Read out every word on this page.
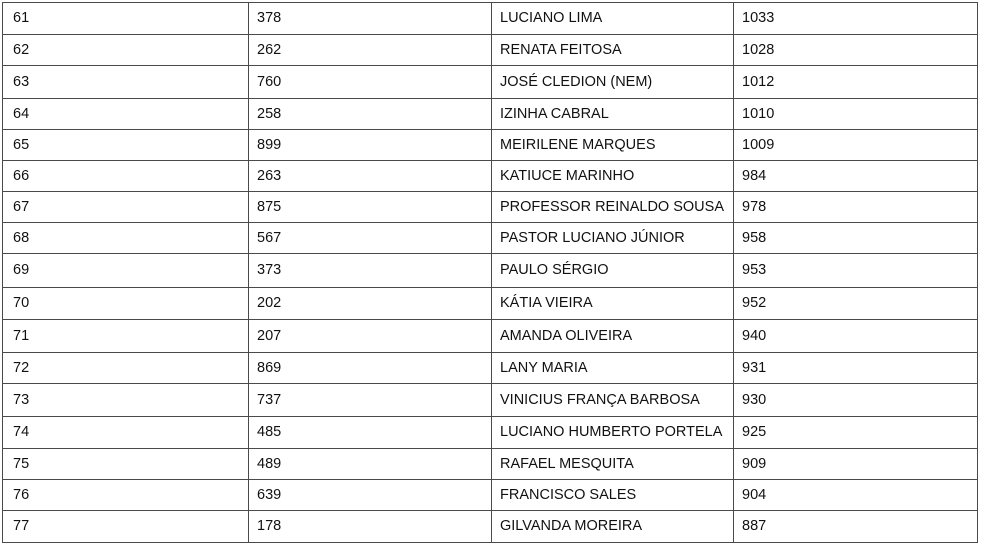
61	378	LUCIANO LIMA	1033
62	262	RENATA FEITOSA	1028
63	760	JOSÉ CLEDION (NEM)	1012
64	258	IZINHA CABRAL	1010
65	899	MEIRILENE MARQUES	1009
66	263	KATIUCE MARINHO	984
67	875	PROFESSOR REINALDO SOUSA	978
68	567	PASTOR LUCIANO JÚNIOR	958
69	373	PAULO SÉRGIO	953
70	202	KÁTIA VIEIRA	952
71	207	AMANDA OLIVEIRA	940
72	869	LANY MARIA	931
73	737	VINICIUS FRANÇA BARBOSA	930
74	485	LUCIANO HUMBERTO PORTELA	925
75	489	RAFAEL MESQUITA	909
76	639	FRANCISCO SALES	904
77	178	GILVANDA MOREIRA	887
